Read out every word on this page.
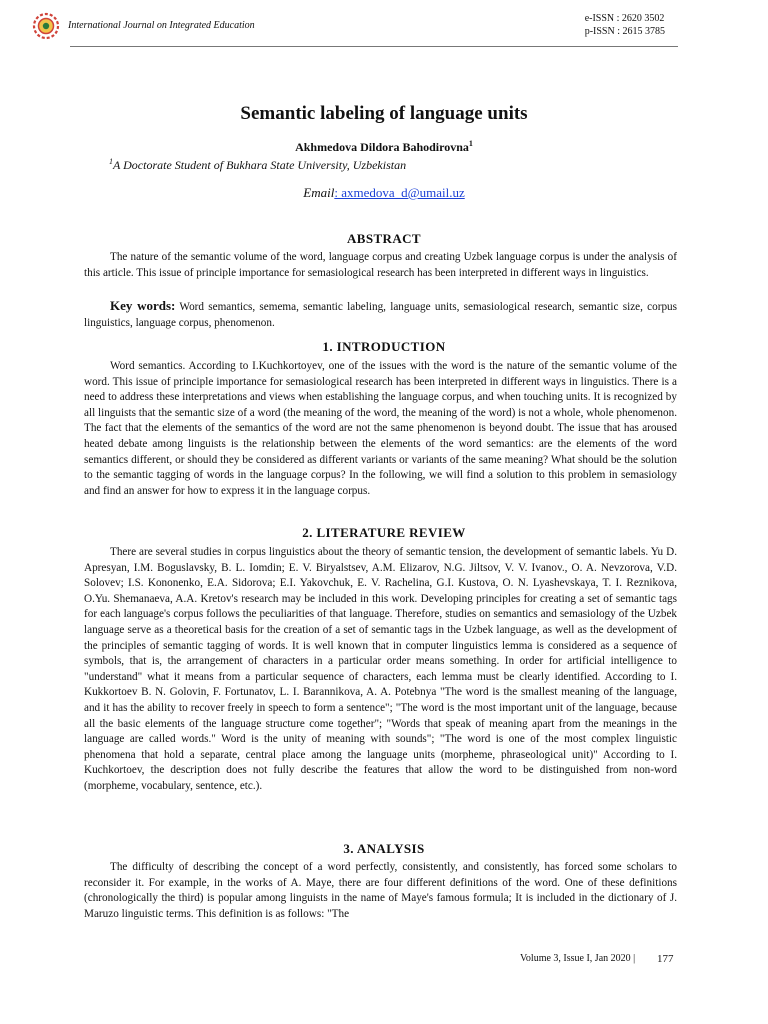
International Journal on Integrated Education
e-ISSN : 2620 3502
p-ISSN : 2615 3785
Semantic labeling of language units
Akhmedova Dildora Bahodirovna$^1$
$^1$A Doctorate Student of Bukhara State University, Uzbekistan
Email: axmedova_d@umail.uz
ABSTRACT

The nature of the semantic volume of the word, language corpus and creating Uzbek language corpus is under the analysis of this article. This issue of principle importance for semasiological research has been interpreted in different ways in linguistics.

Key words: Word semantics, semema, semantic labeling, language units, semasiological research, semantic size, corpus linguistics, language corpus, phenomenon.

1. INTRODUCTION

Word semantics. According to I.Kuchkortoyev, one of the issues with the word is the nature of the semantic volume of the word. This issue of principle importance for semasiological research has been interpreted in different ways in linguistics. There is a need to address these interpretations and views when establishing the language corpus, and when touching units. It is recognized by all linguists that the semantic size of a word (the meaning of the word, the meaning of the word) is not a whole, whole phenomenon. The fact that the elements of the semantics of the word are not the same phenomenon is beyond doubt. The issue that has aroused heated debate among linguists is the relationship between the elements of the word semantics: are the elements of the word semantics different, or should they be considered as different variants or variants of the same meaning? What should be the solution to the semantic tagging of words in the language corpus? In the following, we will find a solution to this problem in semasiology and find an answer for how to express it in the language corpus.

2. LITERATURE REVIEW

There are several studies in corpus linguistics about the theory of semantic tension, the development of semantic labels. Yu D. Apresyan, I.M. Boguslavsky, B. L. Iomdin; E. V. Biryalstsev, A.M. Elizarov, N.G. Jiltsov, V. V. Ivanov., O. A. Nevzorova, V.D. Solovev; I.S. Kononenko, E.A. Sidorova; E.I. Yakovchuk, E. V. Rachelina, G.I. Kustova, O. N. Lyashevskaya, T. I. Reznikova, O.Yu. Shemanaeva, A.A. Kretov's research may be included in this work. Developing principles for creating a set of semantic tags for each language's corpus follows the peculiarities of that language. Therefore, studies on semantics and semasiology of the Uzbek language serve as a theoretical basis for the creation of a set of semantic tags in the Uzbek language, as well as the development of the principles of semantic tagging of words. It is well known that in computer linguistics lemma is considered as a sequence of symbols, that is, the arrangement of characters in a particular order means something. In order for artificial intelligence to "understand" what it means from a particular sequence of characters, each lemma must be clearly identified. According to I. Kukkortoev B. N. Golovin, F. Fortunatov, L. I. Barannikova, A. A. Potebnya "The word is the smallest meaning of the language, and it has the ability to recover freely in speech to form a sentence"; "The word is the most important unit of the language, because all the basic elements of the language structure come together"; "Words that speak of meaning apart from the meanings in the language are called words." Word is the unity of meaning with sounds"; "The word is one of the most complex linguistic phenomena that hold a separate, central place among the language units (morpheme, phraseological unit)" According to I. Kuchkortoev, the description does not fully describe the features that allow the word to be distinguished from non-word (morpheme, vocabulary, sentence, etc.).

3. ANALYSIS

The difficulty of describing the concept of a word perfectly, consistently, and consistently, has forced some scholars to reconsider it. For example, in the works of A. Maye, there are four different definitions of the word. One of these definitions (chronologically the third) is popular among linguists in the name of Maye's famous formula; It is included in the dictionary of J. Maruzo linguistic terms. This definition is as follows: "The

Volume 3, Issue I, Jan 2020 | 177
